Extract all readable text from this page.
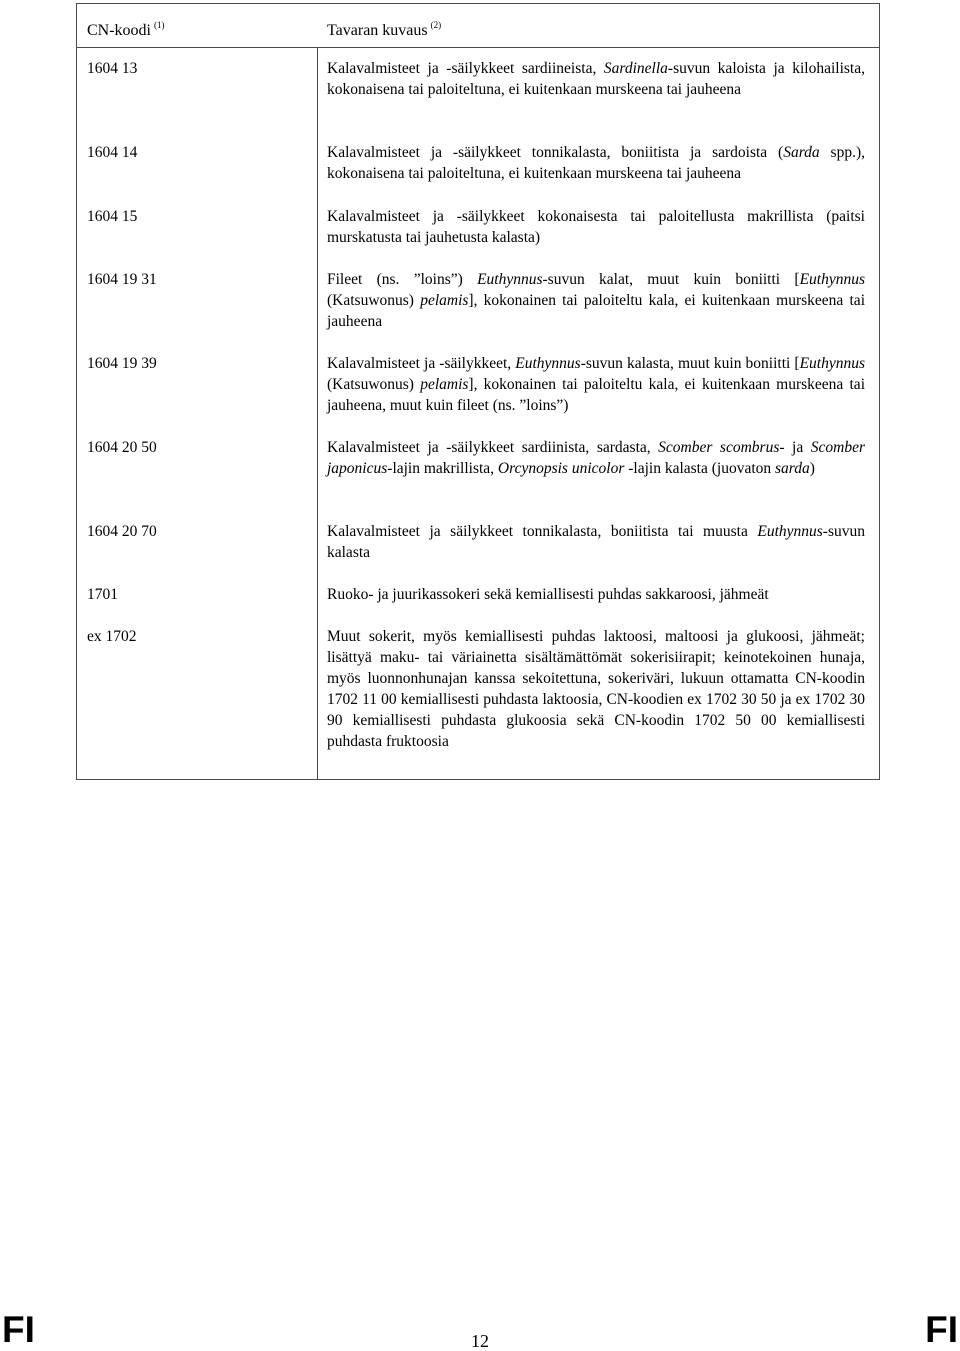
CN-koodi $^{(1)}$	Tavaran kuvaus $^{(2)}$
1604 13	Kalavalmisteet ja -säilykkeet sardiineista, Sardinella-suvun kaloista ja kilohailista, kokonaisena tai paloiteltuna, ei kuitenkaan murskeena tai jauheena
1604 14	Kalavalmisteet ja -säilykkeet tonnikalasta, boniitista ja sardoista (Sarda spp.), kokonaisena tai paloiteltuna, ei kuitenkaan murskeena tai jauheena
1604 15	Kalavalmisteet ja -säilykkeet kokonaisesta tai paloitellusta makrillista (paitsi murskatusta tai jauhetusta kalasta)
1604 19 31	Fileet (ns. ”loins”) Euthynnus-suvun kalat, muut kuin boniitti [Euthynnus (Katsuwonus) pelamis], kokonainen tai paloiteltu kala, ei kuitenkaan murskeena tai jauheena
1604 19 39	Kalavalmisteet ja -säilykkeet, Euthynnus-suvun kalasta, muut kuin boniitti [Euthynnus (Katsuwonus) pelamis], kokonainen tai paloiteltu kala, ei kuitenkaan murskeena tai jauheena, muut kuin fileet (ns. ”loins”)
1604 20 50	Kalavalmisteet ja -säilykkeet sardiinista, sardasta, Scomber scombrus- ja Scomber japonicus-lajin makrillista, Orcynopsis unicolor -lajin kalasta (juovaton sarda)
1604 20 70	Kalavalmisteet ja säilykkeet tonnikalasta, boniitista tai muusta Euthynnus-suvun kalasta
1701	Ruoko- ja juurikassokeri sekä kemiallisesti puhdas sakkaroosi, jähmeät
ex 1702	Muut sokerit, myös kemiallisesti puhdas laktoosi, maltoosi ja glukoosi, jähmeät; lisättyä maku- tai väriainetta sisältämättömät sokerisiirapit; keinotekoinen hunaja, myös luonnonhunajan kanssa sekoitettuna, sokeriväri, lukuun ottamatta CN-koodin 1702 11 00 kemiallisesti puhdasta laktoosia, CN-koodien ex 1702 30 50 ja ex 1702 30 90 kemiallisesti puhdasta glukoosia sekä CN-koodin 1702 50 00 kemiallisesti puhdasta fruktoosia
FI	12	FI
